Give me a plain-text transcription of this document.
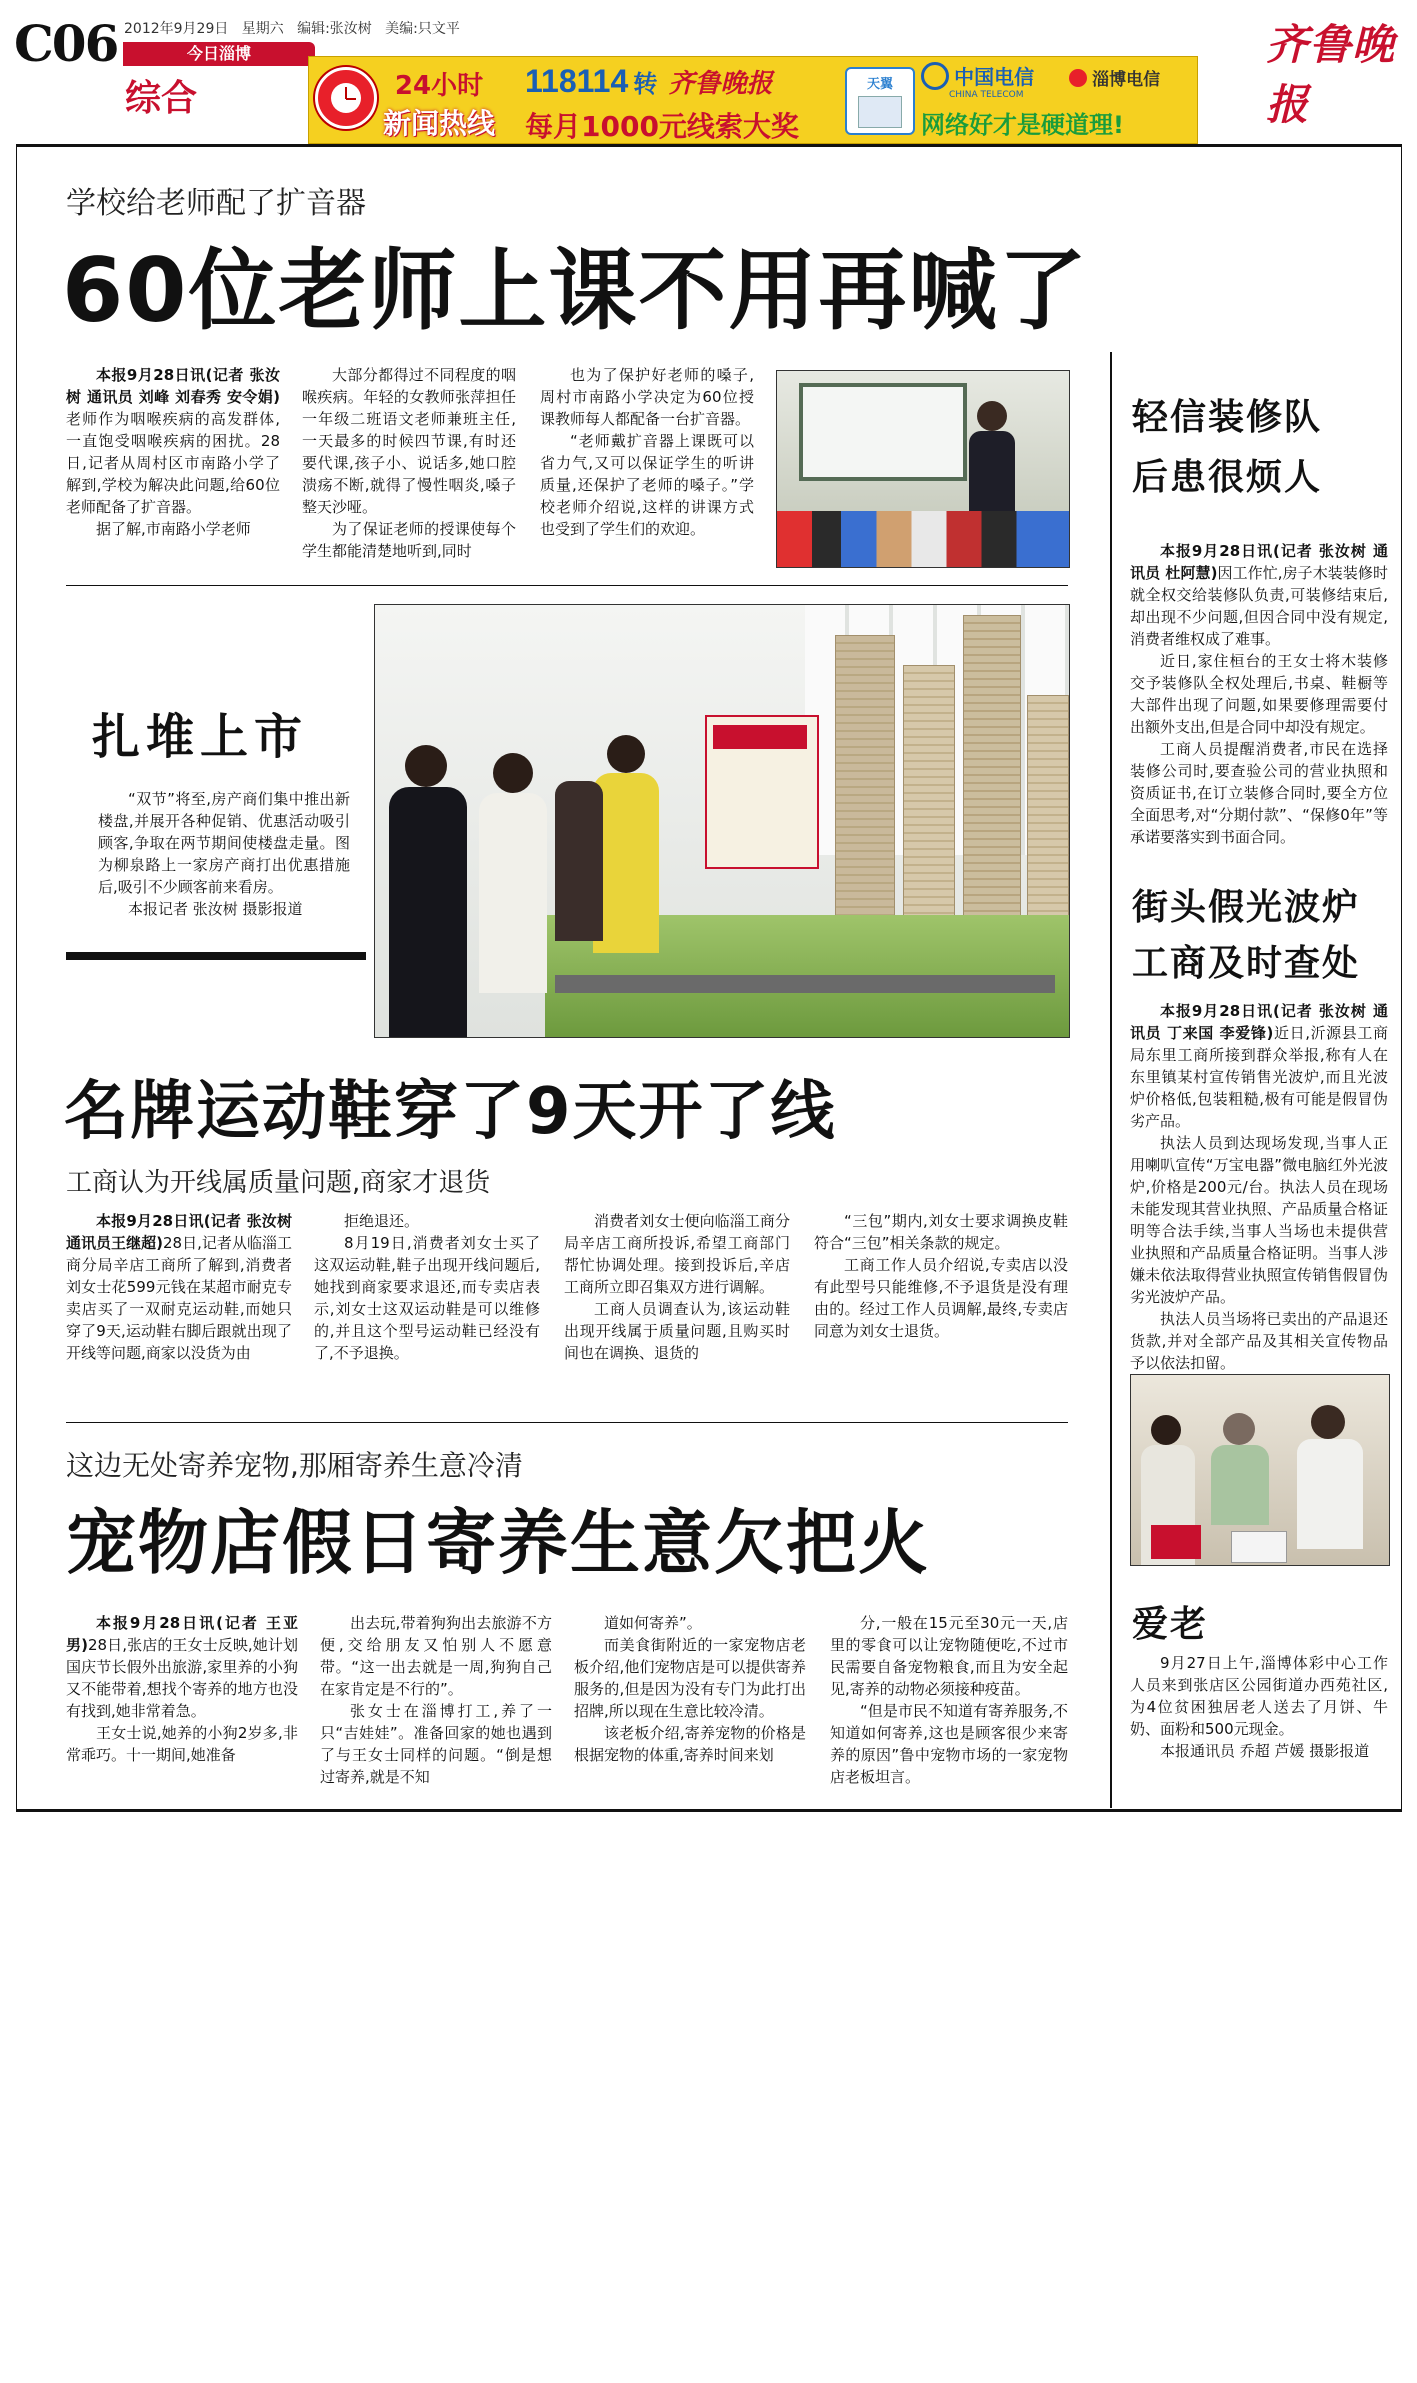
C06 2012年9月29日 星期六 编辑:张汝树 美编:只文平
今日淄博
综合
齐鲁晚报
24小时
新闻热线
118114 转 齐鲁晚报
每月1000元线索大奖
天翼	中国电信
CHINA TELECOM
淄博电信
网络好才是硬道理!
学校给老师配了扩音器
60位老师上课不用再喊了

本报9月28日讯(记者 张汝树 通讯员 刘峰 刘春秀 安令娟)老师作为咽喉疾病的高发群体,一直饱受咽喉疾病的困扰。28日,记者从周村区市南路小学了解到,学校为解决此问题,给60位老师配备了扩音器。

据了解,市南路小学老师

大部分都得过不同程度的咽喉疾病。年轻的女教师张萍担任一年级二班语文老师兼班主任,一天最多的时候四节课,有时还要代课,孩子小、说话多,她口腔溃疡不断,就得了慢性咽炎,嗓子整天沙哑。

为了保证老师的授课使每个学生都能清楚地听到,同时

也为了保护好老师的嗓子,周村市南路小学决定为60位授课教师每人都配备一台扩音器。

“老师戴扩音器上课既可以省力气,又可以保证学生的听讲质量,还保护了老师的嗓子。”学校老师介绍说,这样的讲课方式也受到了学生们的欢迎。

扎堆上市

“双节”将至,房产商们集中推出新楼盘,并展开各种促销、优惠活动吸引顾客,争取在两节期间使楼盘走量。图为柳泉路上一家房产商打出优惠措施后,吸引不少顾客前来看房。

本报记者 张汝树 摄影报道

名牌运动鞋穿了9天开了线
工商认为开线属质量问题,商家才退货

本报9月28日讯(记者 张汝树 通讯员王继超)28日,记者从临淄工商分局辛店工商所了解到,消费者刘女士花599元钱在某超市耐克专卖店买了一双耐克运动鞋,而她只穿了9天,运动鞋右脚后跟就出现了开线等问题,商家以没货为由

拒绝退还。

8月19日,消费者刘女士买了这双运动鞋,鞋子出现开线问题后,她找到商家要求退还,而专卖店表示,刘女士这双运动鞋是可以维修的,并且这个型号运动鞋已经没有了,不予退换。

消费者刘女士便向临淄工商分局辛店工商所投诉,希望工商部门帮忙协调处理。接到投诉后,辛店工商所立即召集双方进行调解。

工商人员调查认为,该运动鞋出现开线属于质量问题,且购买时间也在调换、退货的

“三包”期内,刘女士要求调换皮鞋符合“三包”相关条款的规定。

工商工作人员介绍说,专卖店以没有此型号只能维修,不予退货是没有理由的。经过工作人员调解,最终,专卖店同意为刘女士退货。

这边无处寄养宠物,那厢寄养生意冷清
宠物店假日寄养生意欠把火

本报9月28日讯(记者 王亚男)28日,张店的王女士反映,她计划国庆节长假外出旅游,家里养的小狗又不能带着,想找个寄养的地方也没有找到,她非常着急。

王女士说,她养的小狗2岁多,非常乖巧。十一期间,她准备

出去玩,带着狗狗出去旅游不方便,交给朋友又怕别人不愿意带。“这一出去就是一周,狗狗自己在家肯定是不行的”。

张女士在淄博打工,养了一只“吉娃娃”。准备回家的她也遇到了与王女士同样的问题。“倒是想过寄养,就是不知

道如何寄养”。

而美食街附近的一家宠物店老板介绍,他们宠物店是可以提供寄养服务的,但是因为没有专门为此打出招牌,所以现在生意比较冷清。

该老板介绍,寄养宠物的价格是根据宠物的体重,寄养时间来划

分,一般在15元至30元一天,店里的零食可以让宠物随便吃,不过市民需要自备宠物粮食,而且为安全起见,寄养的动物必须接种疫苗。

“但是市民不知道有寄养服务,不知道如何寄养,这也是顾客很少来寄养的原因”鲁中宠物市场的一家宠物店老板坦言。

轻信装修队
后患很烦人

本报9月28日讯(记者 张汝树 通讯员 杜阿慧)因工作忙,房子木装装修时就全权交给装修队负责,可装修结束后,却出现不少问题,但因合同中没有规定,消费者维权成了难事。

近日,家住桓台的王女士将木装修交予装修队全权处理后,书桌、鞋橱等大部件出现了问题,如果要修理需要付出额外支出,但是合同中却没有规定。

工商人员提醒消费者,市民在选择装修公司时,要查验公司的营业执照和资质证书,在订立装修合同时,要全方位全面思考,对“分期付款”、“保修0年”等承诺要落实到书面合同。

街头假光波炉
工商及时查处

本报9月28日讯(记者 张汝树 通讯员 丁来国 李爱锋)近日,沂源县工商局东里工商所接到群众举报,称有人在东里镇某村宣传销售光波炉,而且光波炉价格低,包装粗糙,极有可能是假冒伪劣产品。

执法人员到达现场发现,当事人正用喇叭宣传“万宝电器”微电脑红外光波炉,价格是200元/台。执法人员在现场未能发现其营业执照、产品质量合格证明等合法手续,当事人当场也未提供营业执照和产品质量合格证明。当事人涉嫌未依法取得营业执照宣传销售假冒伪劣光波炉产品。

执法人员当场将已卖出的产品退还货款,并对全部产品及其相关宣传物品予以依法扣留。

爱老

9月27日上午,淄博体彩中心工作人员来到张店区公园街道办西苑社区,为4位贫困独居老人送去了月饼、牛奶、面粉和500元现金。

本报通讯员 乔超 芦媛 摄影报道
